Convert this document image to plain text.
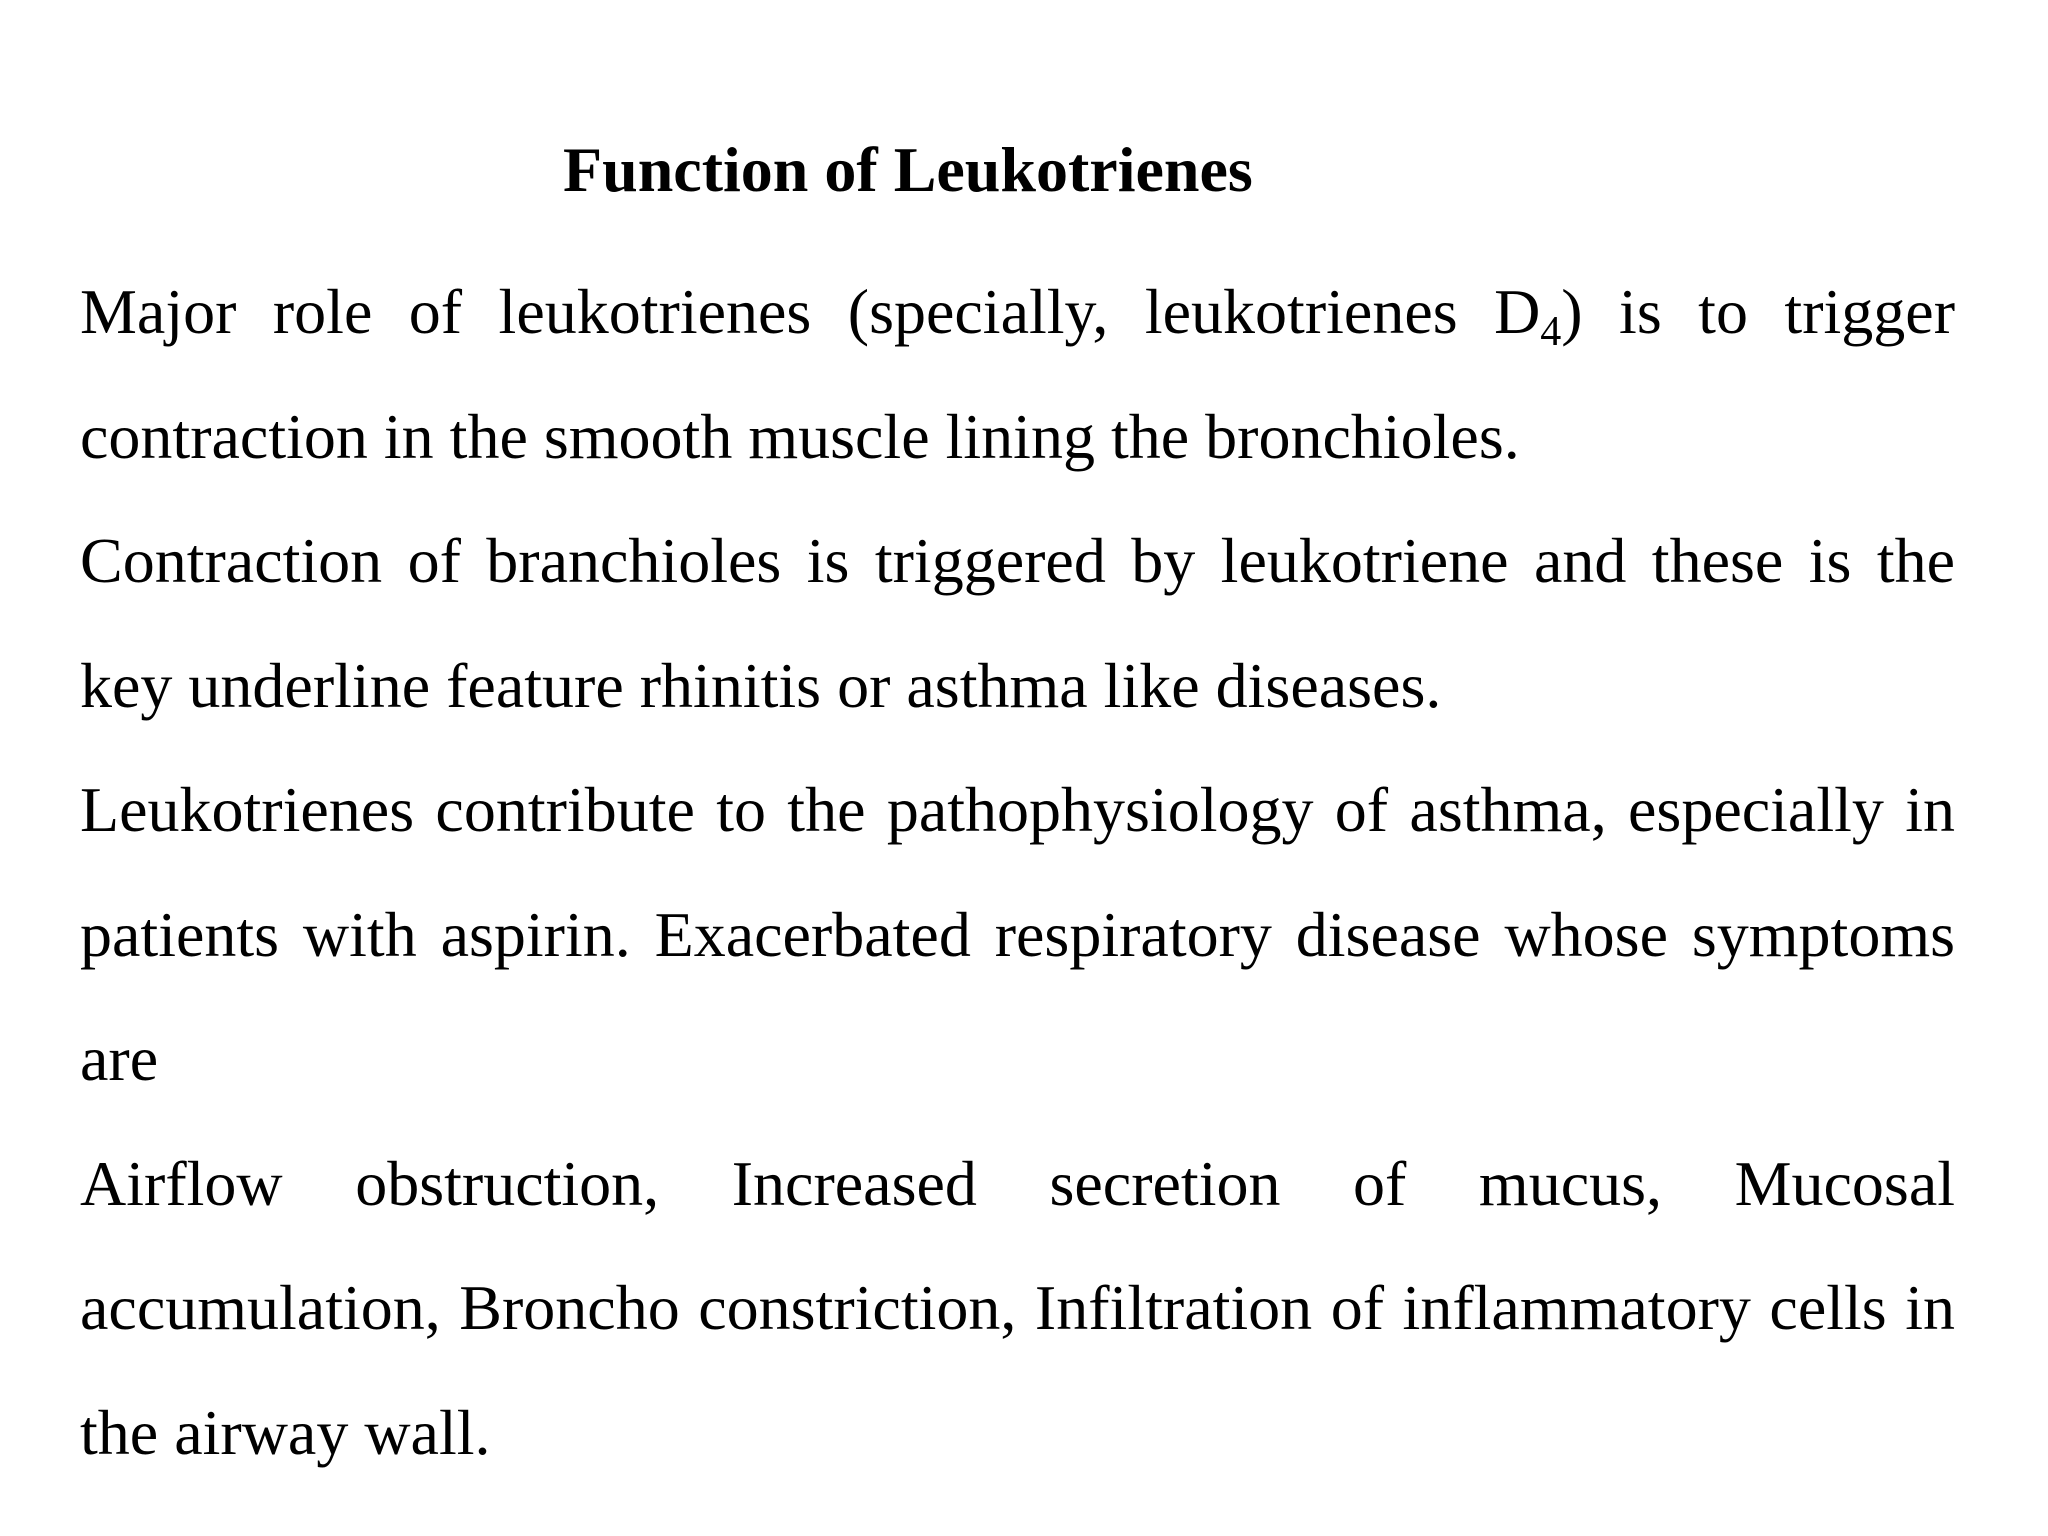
Function of Leukotrienes

Major role of leukotrienes (specially, leukotrienes $D_4$) is to trigger contraction in the smooth muscle lining the bronchioles.

Contraction of branchioles is triggered by leukotriene and these is the key underline feature rhinitis or asthma like diseases.

Leukotrienes contribute to the pathophysiology of asthma, especially in patients with aspirin. Exacerbated respiratory disease whose symptoms are

Airflow obstruction, Increased secretion of mucus, Mucosal accumulation, Broncho constriction, Infiltration of inflammatory cells in the airway wall.
